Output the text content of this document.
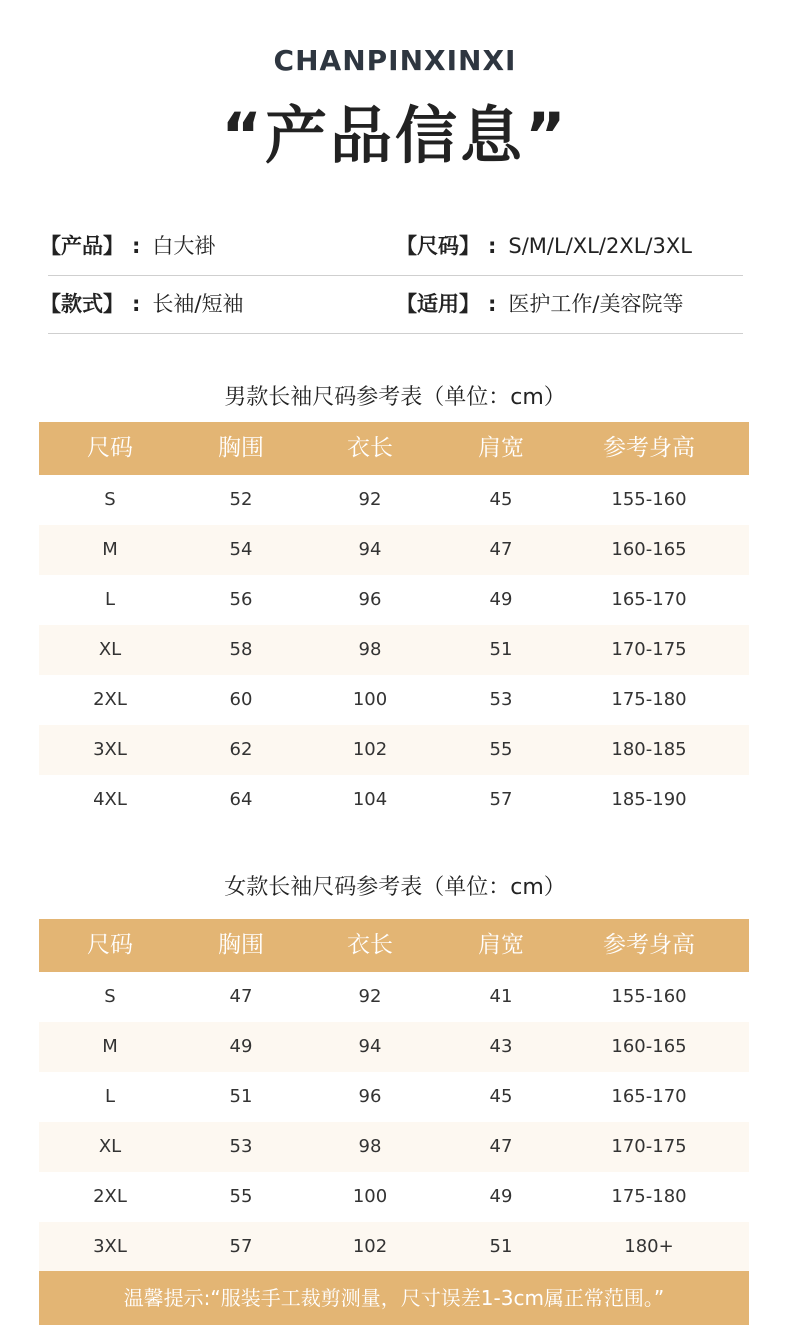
CHANPINXINXI
“产品信息”
【产品】 : 白大褂	【尺码】 : S/M/L/XL/2XL/3XL
【款式】 : 长袖/短袖	【适用】 : 医护工作/美容院等
男款长袖尺码参考表（单位：cm）
尺码	胸围	衣长	肩宽	参考身高
S	52	92	45	155-160
M	54	94	47	160-165
L	56	96	49	165-170
XL	58	98	51	170-175
2XL	60	100	53	175-180
3XL	62	102	55	180-185
4XL	64	104	57	185-190
女款长袖尺码参考表（单位：cm）
尺码	胸围	衣长	肩宽	参考身高
S	47	92	41	155-160
M	49	94	43	160-165
L	51	96	45	165-170
XL	53	98	47	170-175
2XL	55	100	49	175-180
3XL	57	102	51	180+
温馨提示:“服装手工裁剪测量，尺寸误差1-3cm属正常范围。”
